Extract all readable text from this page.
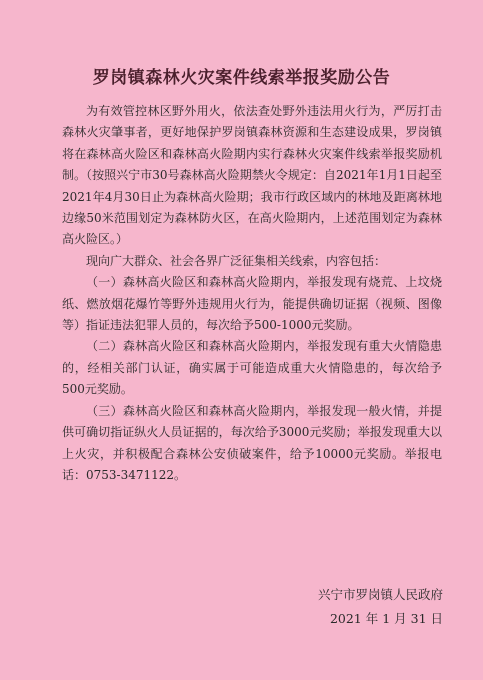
罗岗镇森林火灾案件线索举报奖励公告

为有效管控林区野外用火，依法查处野外违法用火行为，严厉打击森林火灾肇事者，更好地保护罗岗镇森林资源和生态建设成果，罗岗镇将在森林高火险区和森林高火险期内实行森林火灾案件线索举报奖励机制。（按照兴宁市30号森林高火险期禁火令规定：自2021年1月1日起至2021年4月30日止为森林高火险期；我市行政区域内的林地及距离林地边缘50米范围划定为森林防火区，在高火险期内，上述范围划定为森林高火险区。）

现向广大群众、社会各界广泛征集相关线索，内容包括：

（一）森林高火险区和森林高火险期内，举报发现有烧荒、上坟烧纸、燃放烟花爆竹等野外违规用火行为，能提供确切证据（视频、图像等）指证违法犯罪人员的，每次给予500-1000元奖励。

（二）森林高火险区和森林高火险期内，举报发现有重大火情隐患的，经相关部门认证，确实属于可能造成重大火情隐患的，每次给予500元奖励。

（三）森林高火险区和森林高火险期内，举报发现一般火情，并提供可确切指证纵火人员证据的，每次给予3000元奖励；举报发现重大以上火灾，并积极配合森林公安侦破案件，给予10000元奖励。举报电话：0753-3471122。

兴宁市罗岗镇人民政府
2021 年 1 月 31 日
